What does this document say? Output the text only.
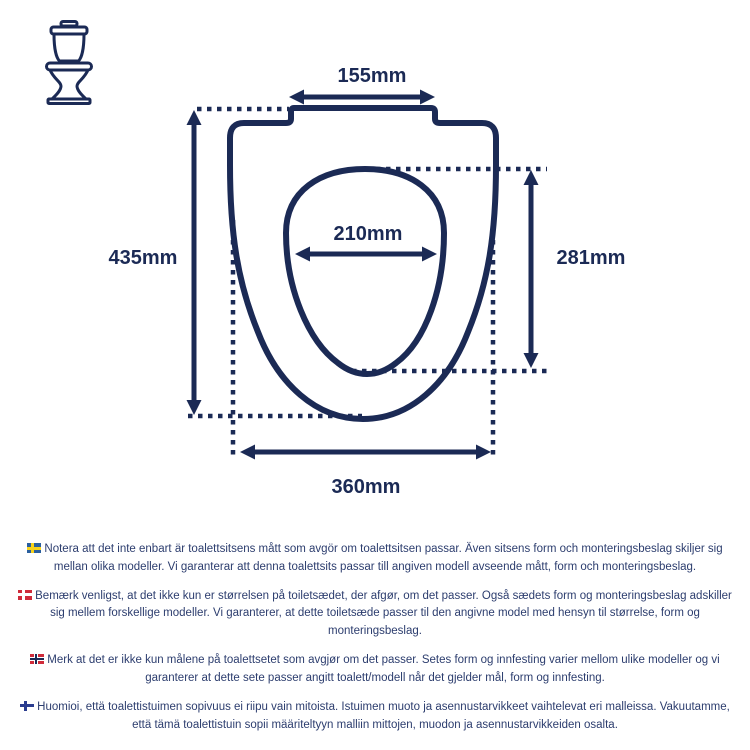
155mm
210mm
435mm	281mm
360mm

Notera att det inte enbart är toalettsitsens mått som avgör om toalettsitsen passar. Även sitsens form och monteringsbeslag skiljer sig mellan olika modeller. Vi garanterar att denna toalettsits passar till angiven modell avseende mått, form och monteringsbeslag.

Bemærk venligst, at det ikke kun er størrelsen på toiletsædet, der afgør, om det passer. Også sædets form og monteringsbeslag adskiller sig mellem forskellige modeller. Vi garanterer, at dette toiletsæde passer til den angivne model med hensyn til størrelse, form og monteringsbeslag.

Merk at det er ikke kun målene på toalettsetet som avgjør om det passer. Setes form og innfesting varier mellom ulike modeller og vi garanterer at dette sete passer angitt toalett/modell når det gjelder mål, form og innfesting.

Huomioi, että toalettistuimen sopivuus ei riipu vain mitoista. Istuimen muoto ja asennustarvikkeet vaihtelevat eri malleissa. Vakuutamme, että tämä toalettistuin sopii määriteltyyn malliin mittojen, muodon ja asennustarvikkeiden osalta.
